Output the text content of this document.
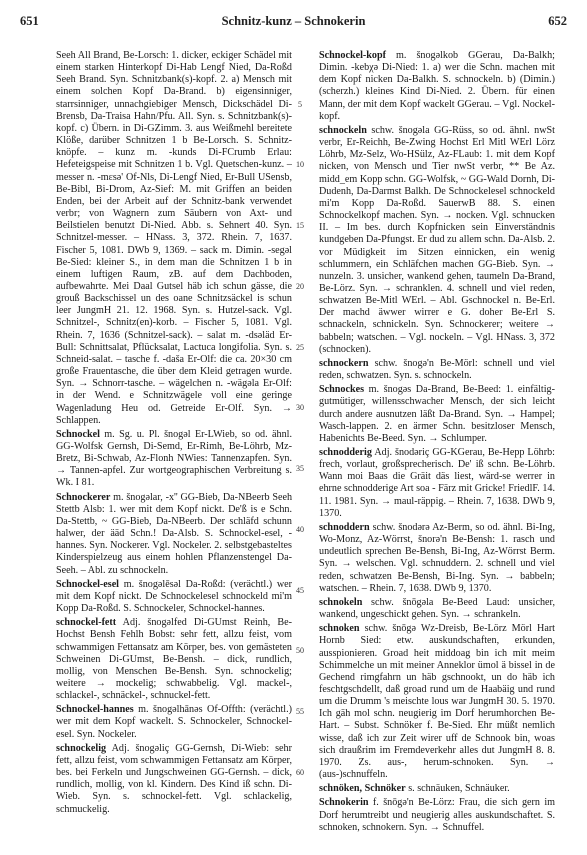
651	Schnitz-kunz – Schnokerin	652

Seeh All Brand, Be-Lorsch: 1. dicker, eckiger Schädel mit einem starken Hinterkopf Di-Hab Lengf Nied, Da-Roßd Seeh Brand. Syn. Schnitzbank(s)-kopf. 2. a) Mensch mit einem solchen Kopf Da-Brand. b) eigensinniger, starrsinniger, unnachgiebiger Mensch, Dickschädel Di-Brensb, Da-Traisa Hahn/Pfu. All. Syn. s. Schnitzbank(s)-kopf. c) Übern. in Di-GZimm. 3. aus Weißmehl bereitete Klöße, darüber Schnitzen 1 b Be-Lorsch. S. Schnitz-knöpfe. – kunz m. -kunds Di-FCrumb Erlau: Hefeteigspeise mit Schnitzen 1 b. Vgl. Quetschen-kunz. – messer n. -mεsə' Of-Nls, Di-Lengf Nied, Er-Bull USensb, Be-Bibl, Bi-Drom, Az-Sief: M. mit Griffen an beiden Enden, bei der Arbeit auf der Schnitz-bank verwendet verbr; von Wagnern zum Säubern von Axt- und Beilstielen benutzt Di-Nied. Abb. s. Sehnert 40. Syn. Schnitzel-messer. – HNass. 3, 372. Rhein. 7, 1637. Fischer 5, 1081. DWb 9, 1369. – sack m. Dimin. -segəl Be-Sied: kleiner S., in dem man die Schnitzen 1 b in einem luftigen Raum, zB. auf dem Dachboden, aufbewahrte. Mei Daal Gutsel häb ich schun gässe, die grouß Backschissel un des oane Schnitzsäckel is schun leer JungmH 21. 12. 1968. Syn. s. Hutzel-sack. Vgl. Schnitzel-, Schnitz(en)-korb. – Fischer 5, 1081. Vgl. Rhein. 7, 1636 (Schnitzel-sack). – salat m. -dsəläd Er-Bull: Schnittsalat, Pflücksalat, Lactuca longifolia. Syn. s. Schneid-salat. – tasche f. -daša Er-Olf: die ca. 20×30 cm große Frauentasche, die über dem Kleid getragen wurde. Syn. → Schnorr-tasche. – wägelchen n. -wägəla Er-Olf: in der Wend. e Schnitzwägele voll eine geringe Wagenladung Heu od. Getreide Er-Olf. Syn. → Schlappen.

Schnockel m. Sg. u. Pl. šnogəl Er-LWieb, so od. ähnl. GG-Wolfsk Gernsh, Di-Semd, Er-Rimh, Be-Löhrb, Mz-Bretz, Bi-Schwab, Az-Flonh NWies: Tannenzapfen. Syn. → Tannen-apfel. Zur wortgeographischen Verbreitung s. Wk. I 81.

Schnockerer m. šnogəlar, -x'' GG-Bieb, Da-NBeerb Seeh Stettb Alsb: 1. wer mit dem Kopf nickt. De'ß is e Schn. Da-Stettb, ~ GG-Bieb, Da-NBeerb. Der schläfd schunn halwer, der ääd Schn.! Da-Alsb. S. Schnockel-esel, -hannes. Syn. Nockerer. Vgl. Nockeler. 2. selbstgebasteltes Kinderspielzeug aus einem hohlen Pflanzenstengel Da-Seeh. – Abl. zu schnockeln.

Schnockel-esel m. šnogəlēsəl Da-Roßd: (verächtl.) wer mit dem Kopf nickt. De Schnockelesel schnockeld mi'm Kopp Da-Roßd. S. Schnockeler, Schnockel-hannes.

schnockel-fett Adj. šnogəlfed Di-GUmst Reinh, Be-Hochst Bensh Fehlh Bobst: sehr fett, allzu feist, vom schwammigen Fettansatz am Körper, bes. von gemästeten Schweinen Di-GUmst, Be-Bensh. – dick, rundlich, mollig, von Menschen Be-Bensh. Syn. schnockelig; weitere → mockelig; schwabbelig. Vgl. mackel-, schlackel-, schnäckel-, schnuckel-fett.

Schnockel-hannes m. šnogəlhānəs Of-Offth: (verächtl.) wer mit dem Kopf wackelt. S. Schnockeler, Schnockel-esel. Syn. Nockeler.

schnockelig Adj. šnogəliç GG-Gernsh, Di-Wieb: sehr fett, allzu feist, vom schwammigen Fettansatz am Körper, bes. bei Ferkeln und Jungschweinen GG-Gernsh. – dick, rundlich, mollig, von kl. Kindern. Des Kind iß schn. Di-Wieb. Syn. s. schnockel-fett. Vgl. schlackelig, schmuckelig.

5
10
15
20
25
30
35
40
45
50
55
60

Schnockel-kopf m. šnogəlkob GGerau, Da-Balkh; Dimin. -kebχə Di-Nied: 1. a) wer die Schn. machen mit dem Kopf nicken Da-Balkh. S. schnockeln. b) (Dimin.) (scherzh.) kleines Kind Di-Nied. 2. Übern. für einen Mann, der mit dem Kopf wackelt GGerau. – Vgl. Nockel-kopf.

schnockeln schw. šnogəla GG-Rüss, so od. ähnl. nwSt verbr, Er-Reichh, Be-Zwing Hochst Erl Mitl WErl Lörz Löhrb, Mz-Selz, Wo-HSülz, Az-FLaub: 1. mit dem Kopf nicken, von Mensch und Tier nwSt verbr, ** Be Az. midd_em Kopp schn. GG-Wolfsk, ~ GG-Wald Dornh, Di-Dudenh, Da-Darmst Balkh. De Schnockelesel schnockeld mi'm Kopp Da-Roßd. SauerwB 88. S. einen Schnockelkopf machen. Syn. → nocken. Vgl. schnucken II. – Im bes. durch Kopfnicken sein Einverständnis kundgeben Da-Pfungst. Er dud zu allem schn. Da-Alsb. 2. vor Müdigkeit im Sitzen einnicken, ein wenig schlummern, ein Schläfchen machen GG-Bieb. Syn. → nunzeln. 3. unsicher, wankend gehen, taumeln Da-Brand, Be-Lörz. Syn. → schranklen. 4. schnell und viel reden, schwatzen Be-Mitl WErl. – Abl. Gschnockel n. Be-Erl. Der machd äwwer wirrer e G. doher Be-Erl S. schnackeln, schnickeln. Syn. Schnockerer; weitere → babbeln; watschen. – Vgl. nockeln. – Vgl. HNass. 3, 372 (schnocken).

schnockern schw. šnogə'n Be-Mörl: schnell und viel reden, schwatzen. Syn. s. schnockeln.

Schnockes m. šnogəs Da-Brand, Be-Beed: 1. einfältig-gutmütiger, willensschwacher Mensch, der sich leicht durch andere ausnutzen läßt Da-Brand. Syn. → Hampel; Wasch-lappen. 2. en ärmer Schn. besitzloser Mensch, Habenichts Be-Beed. Syn. → Schlumper.

schnodderig Adj. šnodəriç GG-KGerau, Be-Hepp Löhrb: frech, vorlaut, großsprecherisch. De' iß schn. Be-Löhrb. Wann moi Baas die Gräit däs liest, wärd-se werrer in ehrne schnodderige Art soa - Färz mit Gricke! FriedlF. 14. 11. 1981. Syn. → maul-räppig. – Rhein. 7, 1638. DWb 9, 1370.

schnoddern schw. šnodərə Az-Berm, so od. ähnl. Bi-Ing, Wo-Monz, Az-Wörrst, šnorə'n Be-Bensh: 1. rasch und undeutlich sprechen Be-Bensh, Bi-Ing, Az-Wörrst Berm. Syn. → welschen. Vgl. schnuddern. 2. schnell und viel reden, schwatzen Be-Bensh, Bi-Ing. Syn. → babbeln; watschen. – Rhein. 7, 1638. DWb 9, 1370.

schnokeln schw. šnōgəla Be-Beed Laud: unsicher, wankend, ungeschickt gehen. Syn. → schrankeln.

schnoken schw. šnōgə Wz-Dreisb, Be-Lörz Mörl Hart Hornb Sied: etw. auskundschaften, erkunden, ausspionieren. Groad heit middoag bin ich mit meim Schimmelche un mit meiner Anneklor ümol ä bissel in de Gechend rimgfahrn un häb gschnookt, un do häb ich feschtgschdellt, daß groad rund um de Haabäig und rund um die Drumm 's meischte lous war JungmH 30. 5. 1970. Ich gäh mol schn. neugierig im Dorf herumhorchen Be-Hart. – Subst. Schnöker f. Be-Sied. Ehr müßt nemlich wisse, daß ich zur Zeit wirer uff de Schnook bin, woas sich draußrim im Fremdeverkehr alles dut JungmH 8. 8. 1970. Zs. aus-, herum-schnoken. Syn. → (aus-)schnuffeln.

schnöken, Schnöker s. schnäuken, Schnäuker.

Schnokerin f. šnōgə'n Be-Lörz: Frau, die sich gern im Dorf herumtreibt und neugierig alles auskundschaftet. S. schnoken, schnokern. Syn. → Schnuffel.
